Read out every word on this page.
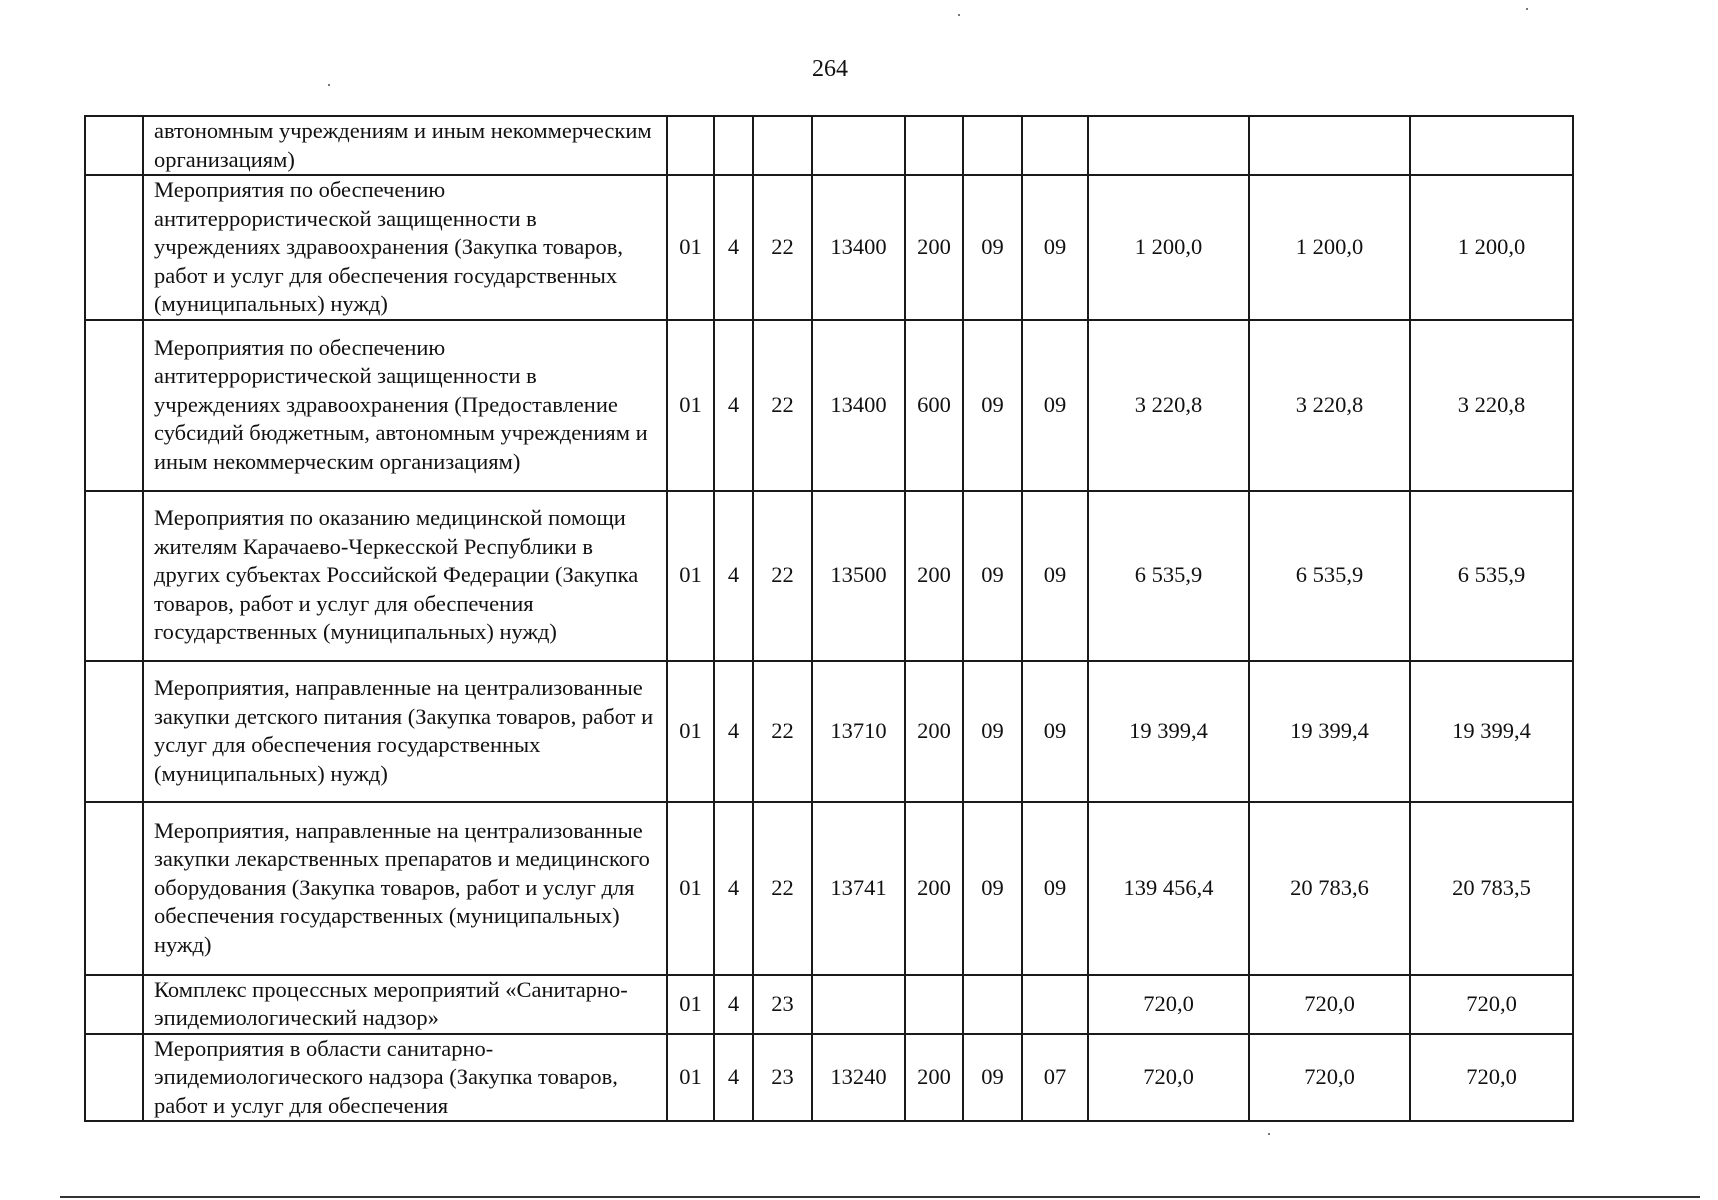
264
	автономным учреждениям и иным некоммерческим организациям)										
	Мероприятия по обеспечению антитеррористической защищенности в учреждениях здравоохранения (Закупка товаров, работ и услуг для обеспечения государственных (муниципальных) нужд)	01	4	22	13400	200	09	09	1 200,0	1 200,0	1 200,0
	Мероприятия по обеспечению антитеррористической защищенности в учреждениях здравоохранения (Предоставление субсидий бюджетным, автономным учреждениям и иным некоммерческим организациям)	01	4	22	13400	600	09	09	3 220,8	3 220,8	3 220,8
	Мероприятия по оказанию медицинской помощи жителям Карачаево-Черкесской Республики в других субъектах Российской Федерации (Закупка товаров, работ и услуг для обеспечения государственных (муниципальных) нужд)	01	4	22	13500	200	09	09	6 535,9	6 535,9	6 535,9
	Мероприятия, направленные на централизованные закупки детского питания (Закупка товаров, работ и услуг для обеспечения государственных (муниципальных) нужд)	01	4	22	13710	200	09	09	19 399,4	19 399,4	19 399,4
	Мероприятия, направленные на централизованные закупки лекарственных препаратов и медицинского оборудования (Закупка товаров, работ и услуг для обеспечения государственных (муниципальных) нужд)	01	4	22	13741	200	09	09	139 456,4	20 783,6	20 783,5
	Комплекс процессных мероприятий «Санитарно-эпидемиологический надзор»	01	4	23					720,0	720,0	720,0
	Мероприятия в области санитарно-эпидемиологического надзора (Закупка товаров, работ и услуг для обеспечения	01	4	23	13240	200	09	07	720,0	720,0	720,0
